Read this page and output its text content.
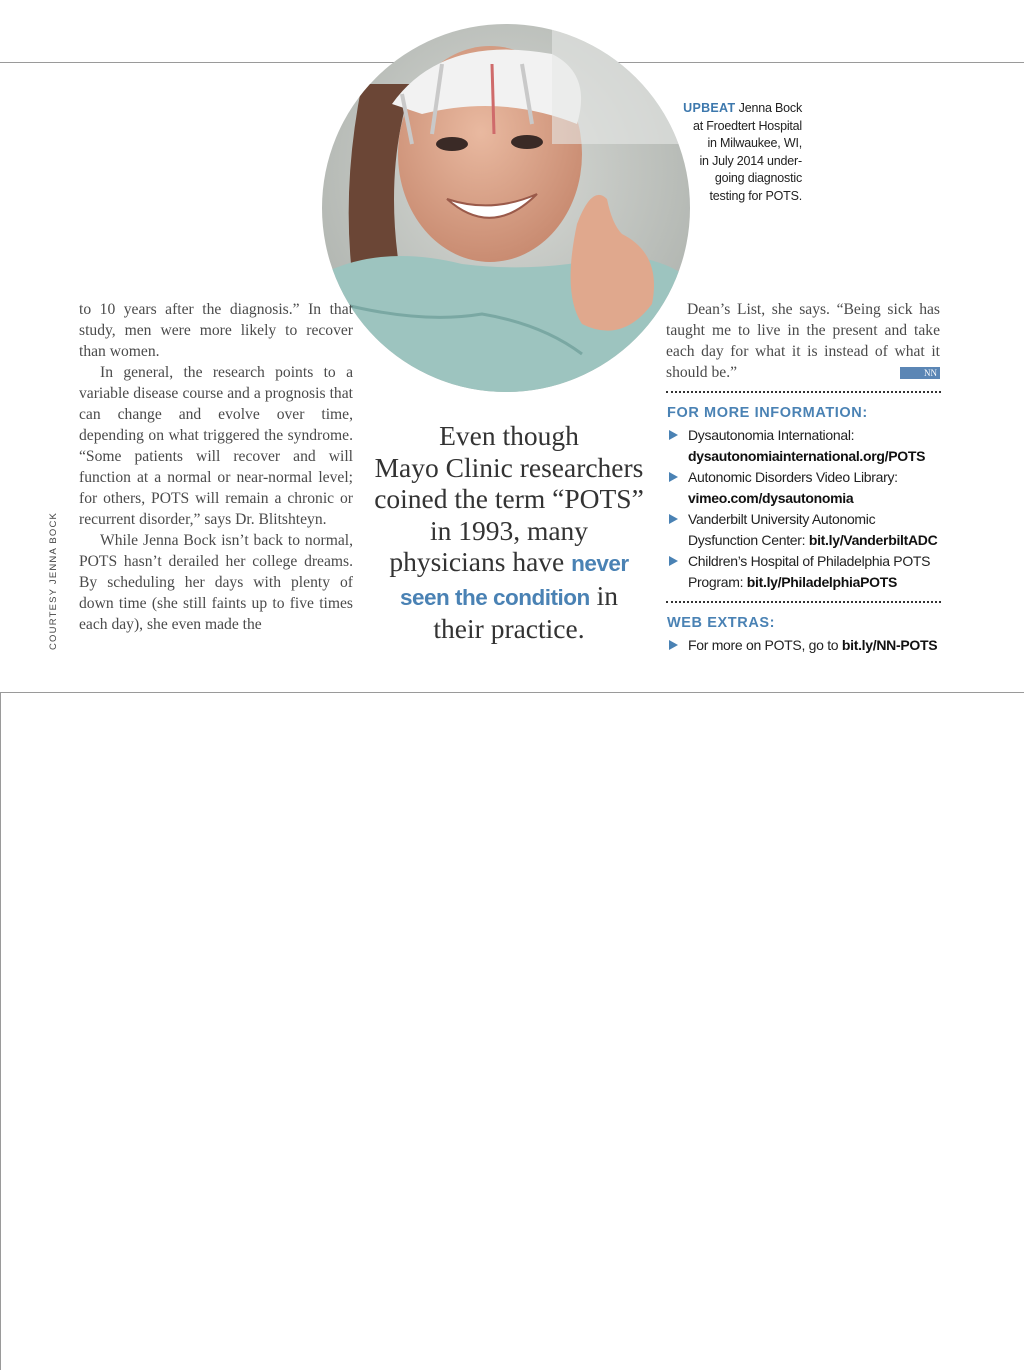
COURTESY JENNA BOCK
UPBEAT Jenna Bock
at Froedtert Hospital
in Milwaukee, WI,
in July 2014 under-
going diagnostic
testing for POTS.

to 10 years after the diagnosis.” In that study, men were more likely to recover than women.

In general, the research points to a variable disease course and a prognosis that can change and evolve over time, depending on what triggered the syndrome. “Some patients will recover and will function at a normal or near-normal level; for others, POTS will remain a chronic or recurrent disorder,” says Dr. Blitshteyn.

While Jenna Bock isn’t back to normal, POTS hasn’t derailed her college dreams. By scheduling her days with plenty of down time (she still faints up to five times each day), she even made the

Dean’s List, she says. “Being sick has taught me to live in the present and take each day for what it is instead of what it should be.”	NN

Even though
Mayo Clinic researchers
coined the term “POTS”
in 1993, many
physicians have never
seen the condition in
their practice.
FOR MORE INFORMATION:
Dysautonomia International:
dysautonomiainternational.org/POTS
Autonomic Disorders Video Library:
vimeo.com/dysautonomia
Vanderbilt University Autonomic Dysfunction Center: bit.ly/VanderbiltADC
Children’s Hospital of Philadelphia POTS Program: bit.ly/PhiladelphiaPOTS
WEB EXTRAS:
For more on POTS, go to bit.ly/NN-POTS
